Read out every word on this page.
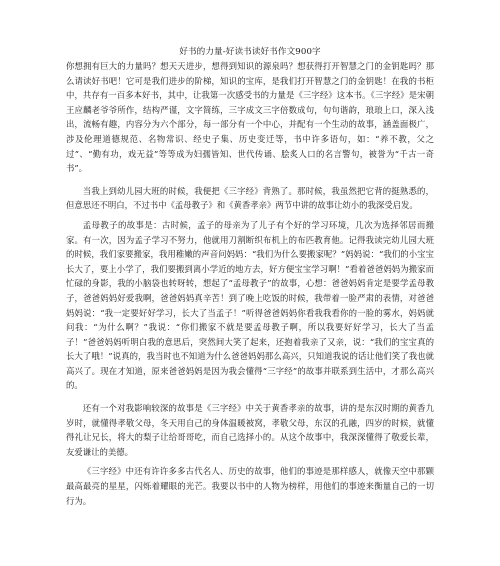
好书的力量-好读书读好书作文900字

你想拥有巨大的力量吗？想天天进步，想得到知识的源泉吗？想获得打开智慧之门的金钥匙吗？那么请读好书吧！它可是我们进步的阶梯，知识的宝库，是我们打开智慧之门的金钥匙！在我的书柜中，共存有一百多本好书，其中，让我第一次感受书的力量是《三字经》这本书。《三字经》是宋朝王应麟老爷爷所作，结构严谨，文字简练，三字成文三字倍数成句，句句谐韵，琅琅上口，深入浅出，流畅有趣，内容分为六个部分，每一部分有一个中心，并配有一个生动的故事，涵盖面极广，涉及伦理道德规范、名物常识、经史子集、历史变迁等，书中许多语句，如：“养不教，父之过”、“勤有功，戏无益”等等成为妇孺皆知、世代传诵、脍炙人口的名言警句，被誉为“千古一奇书”。

当我上到幼儿园大班的时候，我便把《三字经》背熟了。那时候，我虽然把它背的挺熟悉的，但意思还不明白，不过书中《孟母教子》和《黄香孝亲》两节中讲的故事让幼小的我深受启发。

孟母教子的故事是：古时候，孟子的母亲为了儿子有个好的学习环境，几次为选择邻居而搬家。有一次，因为孟子学习不努力，他就用刀割断织布机上的布匹教育他。记得我读完幼儿园大班的时候，我们家要搬家，我用稚嫩的声音问妈妈：“我们为什么要搬家呢？”妈妈说：“我们的小宝宝长大了，要上小学了，我们要搬到离小学近的地方去，好方便宝宝学习啊！”看着爸爸妈妈为搬家而忙碌的身影，我的小脑袋也转呀转，想起了“孟母教子”的故事，心想：爸爸妈妈肯定是要学孟母教子，爸爸妈妈好爱我啊，爸爸妈妈真辛苦！到了晚上吃饭的时候，我带着一脸严肃的表情，对爸爸妈妈说：“我一定要好好学习，长大了当孟子！”听得爸爸妈妈你看我我看你的一脸的雾水，妈妈就问我：“为什么啊？”我说：“你们搬家不就是要孟母教子啊，所以我要好好学习，长大了当孟子！”爸爸妈妈听明白我的意思后，突然间大笑了起来，还抱着我亲了又亲，说：“我们的宝宝真的长大了哦！”说真的，我当时也不知道为什么爸爸妈妈那么高兴，只知道我说的话让他们笑了我也就高兴了。现在才知道，原来爸爸妈妈是因为我会懂得“三字经”的故事并联系到生活中，才那么高兴的。

还有一个对我影响较深的故事是《三字经》中关于黄香孝亲的故事，讲的是东汉时期的黄香九岁时，就懂得孝敬父母，冬天用自己的身体温暖被窝，孝敬父母，东汉的孔融，四岁的时候，就懂得礼让兄长，将大的梨子让给哥哥吃，而自己选择小的。从这个故事中，我深深懂得了敬爱长辈，友爱谦让的美德。

《三字经》中还有许许多多古代名人、历史的故事，他们的事迹是那样感人，就像天空中那颗最高最亮的星星，闪烁着耀眼的光芒。我要以书中的人物为榜样，用他们的事迹来衡量自己的一切行为。
